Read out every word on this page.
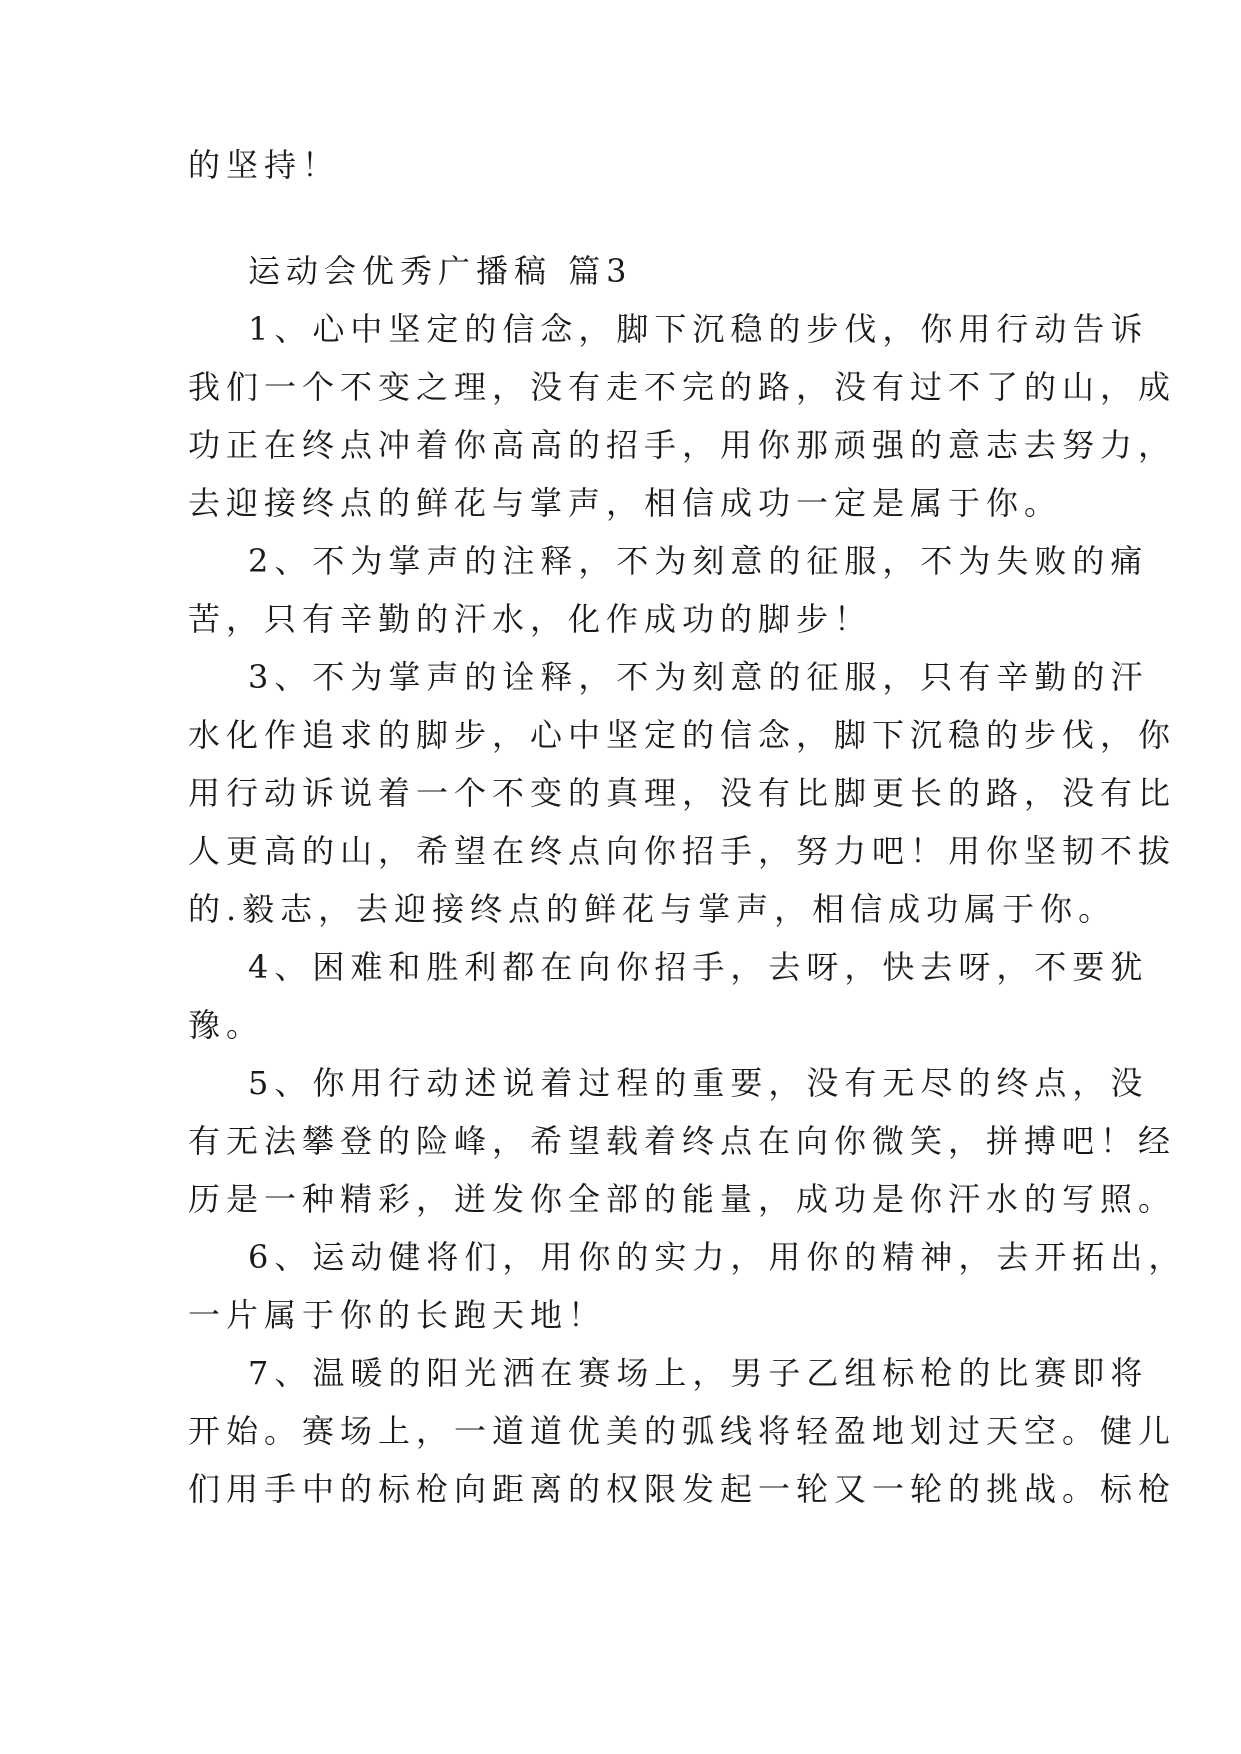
的坚持！
运动会优秀广播稿 篇3
1、心中坚定的信念，脚下沉稳的步伐，你用行动告诉
我们一个不变之理，没有走不完的路，没有过不了的山，成
功正在终点冲着你高高的招手，用你那顽强的意志去努力，
去迎接终点的鲜花与掌声，相信成功一定是属于你。
2、不为掌声的注释，不为刻意的征服，不为失败的痛
苦，只有辛勤的汗水，化作成功的脚步！
3、不为掌声的诠释，不为刻意的征服，只有辛勤的汗
水化作追求的脚步，心中坚定的信念，脚下沉稳的步伐，你
用行动诉说着一个不变的真理，没有比脚更长的路，没有比
人更高的山，希望在终点向你招手，努力吧！用你坚韧不拔
的.毅志，去迎接终点的鲜花与掌声，相信成功属于你。
4、困难和胜利都在向你招手，去呀，快去呀，不要犹
豫。
5、你用行动述说着过程的重要，没有无尽的终点，没
有无法攀登的险峰，希望载着终点在向你微笑，拼搏吧！经
历是一种精彩，迸发你全部的能量，成功是你汗水的写照。
6、运动健将们，用你的实力，用你的精神，去开拓出，
一片属于你的长跑天地！
7、温暖的阳光洒在赛场上，男子乙组标枪的比赛即将
开始。赛场上，一道道优美的弧线将轻盈地划过天空。健儿
们用手中的标枪向距离的权限发起一轮又一轮的挑战。标枪
